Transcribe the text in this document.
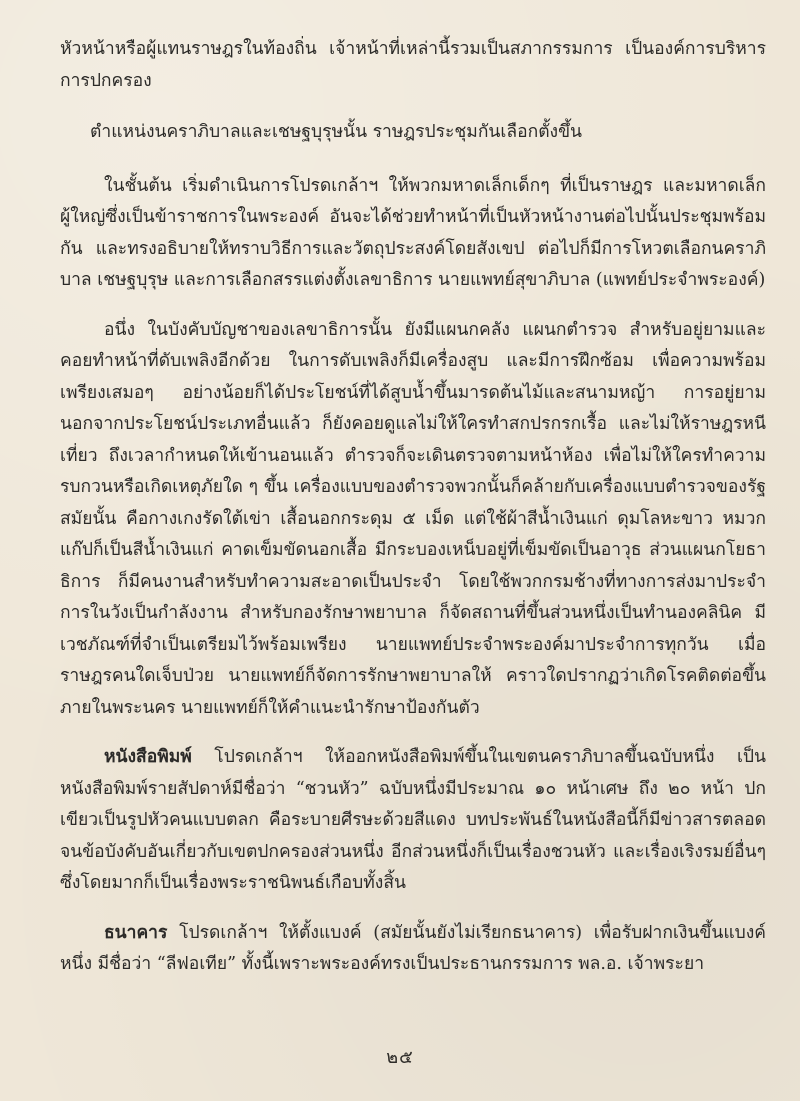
หัวหน้าหรือผู้แทนราษฎรในท้องถิ่น เจ้าหน้าที่เหล่านี้รวมเป็นสภากรรมการ เป็นองค์การบริหารการปกครอง

ตำแหน่งนคราภิบาลและเชษฐบุรุษนั้น ราษฎรประชุมกันเลือกตั้งขึ้น

ในชั้นต้น เริ่มดำเนินการโปรดเกล้าฯ ให้พวกมหาดเล็กเด็กๆ ที่เป็นราษฎร และมหาดเล็กผู้ใหญ่ซึ่งเป็นข้าราชการในพระองค์ อันจะได้ช่วยทำหน้าที่เป็นหัวหน้างานต่อไปนั้นประชุมพร้อมกัน และทรงอธิบายให้ทราบวิธีการและวัตถุประสงค์โดยสังเขป ต่อไปก็มีการโหวตเลือกนคราภิบาล เชษฐบุรุษ และการเลือกสรรแต่งตั้งเลขาธิการ นายแพทย์สุขาภิบาล (แพทย์ประจำพระองค์)

อนึ่ง ในบังคับบัญชาของเลขาธิการนั้น ยังมีแผนกคลัง แผนกตำรวจ สำหรับอยู่ยามและคอยทำหน้าที่ดับเพลิงอีกด้วย ในการดับเพลิงก็มีเครื่องสูบ และมีการฝึกซ้อม เพื่อความพร้อมเพรียงเสมอๆ อย่างน้อยก็ได้ประโยชน์ที่ได้สูบน้ำขึ้นมารดต้นไม้และสนามหญ้า การอยู่ยามนอกจากประโยชน์ประเภทอื่นแล้ว ก็ยังคอยดูแลไม่ให้ใครทำสกปรกรกเรื้อ และไม่ให้ราษฎรหนีเที่ยว ถึงเวลากำหนดให้เข้านอนแล้ว ตำรวจก็จะเดินตรวจตามหน้าห้อง เพื่อไม่ให้ใครทำความรบกวนหรือเกิดเหตุภัยใด ๆ ขึ้น เครื่องแบบของตำรวจพวกนั้นก็คล้ายกับเครื่องแบบตำรวจของรัฐสมัยนั้น คือกางเกงรัดใต้เข่า เสื้อนอกกระดุม ๕ เม็ด แต่ใช้ผ้าสีน้ำเงินแก่ ดุมโลหะขาว หมวกแก๊ปก็เป็นสีน้ำเงินแก่ คาดเข็มขัดนอกเสื้อ มีกระบองเหน็บอยู่ที่เข็มขัดเป็นอาวุธ ส่วนแผนกโยธาธิการ ก็มีคนงานสำหรับทำความสะอาดเป็นประจำ โดยใช้พวกกรมช้างที่ทางการส่งมาประจำการในวังเป็นกำลังงาน สำหรับกองรักษาพยาบาล ก็จัดสถานที่ขึ้นส่วนหนึ่งเป็นทำนองคลินิค มีเวชภัณฑ์ที่จำเป็นเตรียมไว้พร้อมเพรียง นายแพทย์ประจำพระองค์มาประจำการทุกวัน เมื่อราษฎรคนใดเจ็บป่วย นายแพทย์ก็จัดการรักษาพยาบาลให้ คราวใดปรากฏว่าเกิดโรคติดต่อขึ้นภายในพระนคร นายแพทย์ก็ให้คำแนะนำรักษาป้องกันตัว

หนังสือพิมพ์ โปรดเกล้าฯ ให้ออกหนังสือพิมพ์ขึ้นในเขตนคราภิบาลขึ้นฉบับหนึ่ง เป็นหนังสือพิมพ์รายสัปดาห์มีชื่อว่า “ชวนหัว” ฉบับหนึ่งมีประมาณ ๑๐ หน้าเศษ ถึง ๒๐ หน้า ปกเขียวเป็นรูปหัวคนแบบตลก คือระบายศีรษะด้วยสีแดง บทประพันธ์ในหนังสือนี้ก็มีข่าวสารตลอดจนข้อบังคับอันเกี่ยวกับเขตปกครองส่วนหนึ่ง อีกส่วนหนึ่งก็เป็นเรื่องชวนหัว และเรื่องเริงรมย์อื่นๆ ซึ่งโดยมากก็เป็นเรื่องพระราชนิพนธ์เกือบทั้งสิ้น

ธนาคาร โปรดเกล้าฯ ให้ตั้งแบงค์ (สมัยนั้นยังไม่เรียกธนาคาร) เพื่อรับฝากเงินขึ้นแบงค์หนึ่ง มีชื่อว่า “ลีฟอเทีย” ทั้งนี้เพราะพระองค์ทรงเป็นประธานกรรมการ พล.อ. เจ้าพระยา

๒๕
